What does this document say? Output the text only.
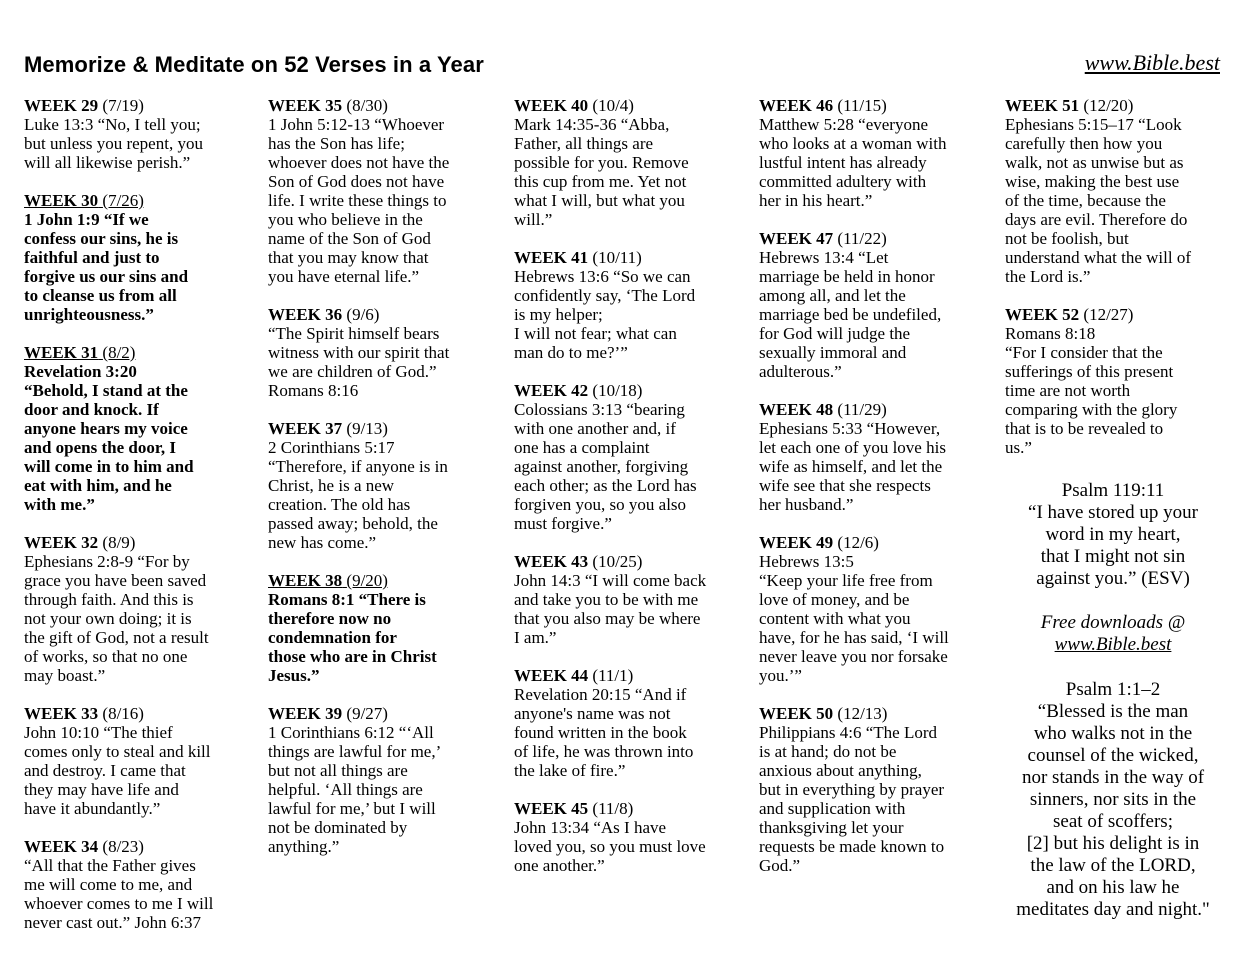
Memorize & Meditate on 52 Verses in a Year	www.Bible.best
WEEK 29 (7/19)
Luke 13:3 “No, I tell you;
but unless you repent, you
will all likewise perish.”
WEEK 30 (7/26)
1 John 1:9 “If we
confess our sins, he is
faithful and just to
forgive us our sins and
to cleanse us from all
unrighteousness.”
WEEK 31 (8/2)
Revelation 3:20
“Behold, I stand at the
door and knock. If
anyone hears my voice
and opens the door, I
will come in to him and
eat with him, and he
with me.”
WEEK 32 (8/9)
Ephesians 2:8-9 “For by
grace you have been saved
through faith. And this is
not your own doing; it is
the gift of God, not a result
of works, so that no one
may boast.”
WEEK 33 (8/16)
John 10:10 “The thief
comes only to steal and kill
and destroy. I came that
they may have life and
have it abundantly.”
WEEK 34 (8/23)
“All that the Father gives
me will come to me, and
whoever comes to me I will
never cast out.” John 6:37
WEEK 35 (8/30)
1 John 5:12-13 “Whoever
has the Son has life;
whoever does not have the
Son of God does not have
life. I write these things to
you who believe in the
name of the Son of God
that you may know that
you have eternal life.”
WEEK 36 (9/6)
“The Spirit himself bears
witness with our spirit that
we are children of God.”
Romans 8:16
WEEK 37 (9/13)
2 Corinthians 5:17
“Therefore, if anyone is in
Christ, he is a new
creation. The old has
passed away; behold, the
new has come.”
WEEK 38 (9/20)
Romans 8:1 “There is
therefore now no
condemnation for
those who are in Christ
Jesus.”
WEEK 39 (9/27)
1 Corinthians 6:12 “‘All
things are lawful for me,’
but not all things are
helpful. ‘All things are
lawful for me,’ but I will
not be dominated by
anything.”
WEEK 40 (10/4)
Mark 14:35-36 “Abba,
Father, all things are
possible for you. Remove
this cup from me. Yet not
what I will, but what you
will.”
WEEK 41 (10/11)
Hebrews 13:6 “So we can
confidently say, ‘The Lord
is my helper;
I will not fear; what can
man do to me?’”
WEEK 42 (10/18)
Colossians 3:13 “bearing
with one another and, if
one has a complaint
against another, forgiving
each other; as the Lord has
forgiven you, so you also
must forgive.”
WEEK 43 (10/25)
John 14:3 “I will come back
and take you to be with me
that you also may be where
I am.”
WEEK 44 (11/1)
Revelation 20:15 “And if
anyone's name was not
found written in the book
of life, he was thrown into
the lake of fire.”
WEEK 45 (11/8)
John 13:34 “As I have
loved you, so you must love
one another.”
WEEK 46 (11/15)
Matthew 5:28 “everyone
who looks at a woman with
lustful intent has already
committed adultery with
her in his heart.”
WEEK 47 (11/22)
Hebrews 13:4 “Let
marriage be held in honor
among all, and let the
marriage bed be undefiled,
for God will judge the
sexually immoral and
adulterous.”
WEEK 48 (11/29)
Ephesians 5:33 “However,
let each one of you love his
wife as himself, and let the
wife see that she respects
her husband.”
WEEK 49 (12/6)
Hebrews 13:5
“Keep your life free from
love of money, and be
content with what you
have, for he has said, ‘I will
never leave you nor forsake
you.’”
WEEK 50 (12/13)
Philippians 4:6 “The Lord
is at hand; do not be
anxious about anything,
but in everything by prayer
and supplication with
thanksgiving let your
requests be made known to
God.”
WEEK 51 (12/20)
Ephesians 5:15–17 “Look
carefully then how you
walk, not as unwise but as
wise, making the best use
of the time, because the
days are evil. Therefore do
not be foolish, but
understand what the will of
the Lord is.”
WEEK 52 (12/27)
Romans 8:18
“For I consider that the
sufferings of this present
time are not worth
comparing with the glory
that is to be revealed to
us.”
Psalm 119:11
“I have stored up your
word in my heart,
that I might not sin
against you.” (ESV)
Free downloads @
www.Bible.best
Psalm 1:1–2
“Blessed is the man
who walks not in the
counsel of the wicked,
nor stands in the way of
sinners, nor sits in the
seat of scoffers;
[2] but his delight is in
the law of the LORD,
and on his law he
meditates day and night."
